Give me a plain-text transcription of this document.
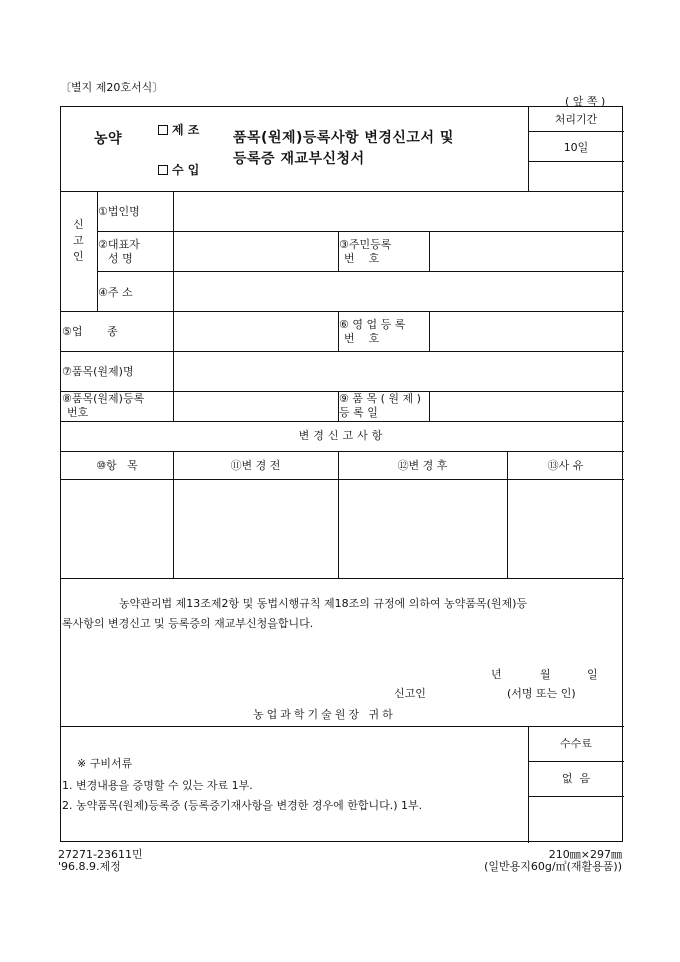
〔별지 제20호서식〕
( 앞 쪽 )
농약
제 조
수 입
품목(원제)등록사항 변경신고서 및
등록증 재교부신청서
처리기간
10일
신고인
①법인명
②대표자
성 명
③주민등록
번    호
④주 소
⑤업       종
⑥ 영 업 등 록
번    호
⑦품목(원제)명
⑧품목(원제)등록
번호
⑨ 품 목 ( 원 제 )
등 록 일
변경신고사항
⑩항   목	⑪변 경 전	⑫변 경 후	⑬사 유
농약관리법 제13조제2항 및 동법시행규칙 제18조의 규정에 의하여 농약품목(원제)등
록사항의 변경신고 및 등록증의 재교부신청을합니다.
년	월	일
신고인	(서명 또는 인)
농업과학기술원장 귀하
※ 구비서류
1. 변경내용을 증명할 수 있는 자료 1부.
2. 농약품목(원제)등록증 (등록증기재사항을 변경한 경우에 한합니다.) 1부.
수수료
없  음
27271-23611민
'96.8.9.제정
210㎜×297㎜
(일반용지60g/㎡(재활용품))
